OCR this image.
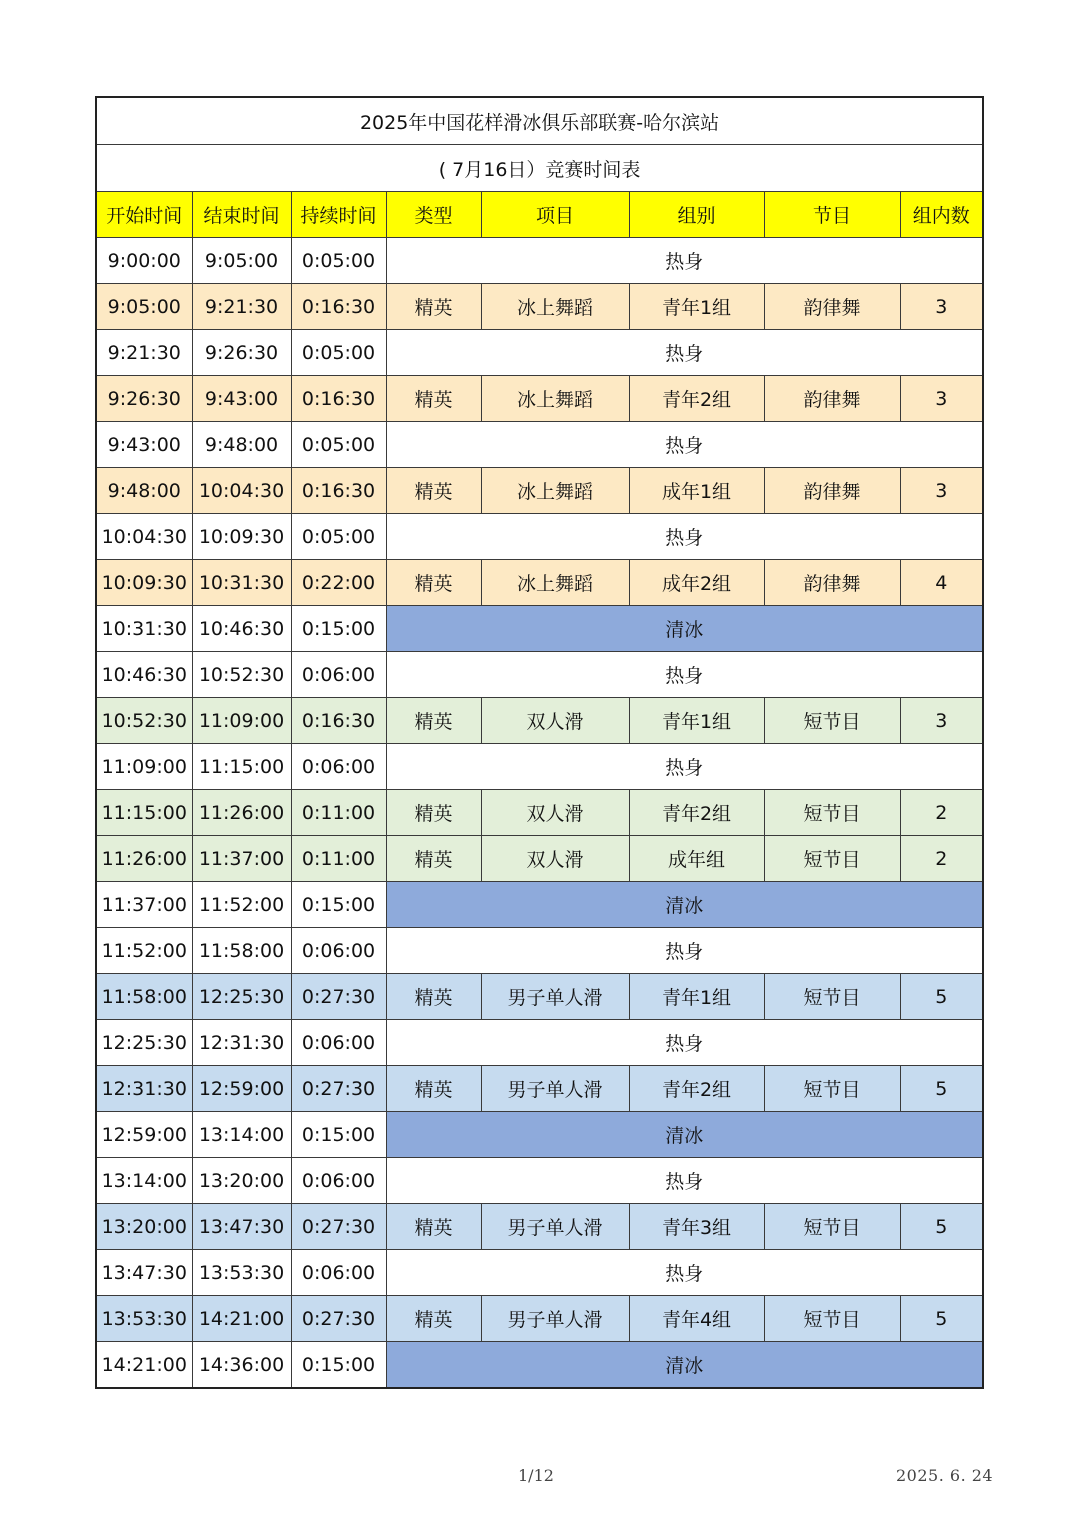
2025年中国花样滑冰俱乐部联赛-哈尔滨站							
( 7月16日）竞赛时间表							
开始时间	结束时间	持续时间	类型	项目	组别	节目	组内数
9:00:00	9:05:00	0:05:00	热身				
9:05:00	9:21:30	0:16:30	精英	冰上舞蹈	青年1组	韵律舞	3
9:21:30	9:26:30	0:05:00	热身				
9:26:30	9:43:00	0:16:30	精英	冰上舞蹈	青年2组	韵律舞	3
9:43:00	9:48:00	0:05:00	热身				
9:48:00	10:04:30	0:16:30	精英	冰上舞蹈	成年1组	韵律舞	3
10:04:30	10:09:30	0:05:00	热身				
10:09:30	10:31:30	0:22:00	精英	冰上舞蹈	成年2组	韵律舞	4
10:31:30	10:46:30	0:15:00	清冰				
10:46:30	10:52:30	0:06:00	热身				
10:52:30	11:09:00	0:16:30	精英	双人滑	青年1组	短节目	3
11:09:00	11:15:00	0:06:00	热身				
11:15:00	11:26:00	0:11:00	精英	双人滑	青年2组	短节目	2
11:26:00	11:37:00	0:11:00	精英	双人滑	成年组	短节目	2
11:37:00	11:52:00	0:15:00	清冰				
11:52:00	11:58:00	0:06:00	热身				
11:58:00	12:25:30	0:27:30	精英	男子单人滑	青年1组	短节目	5
12:25:30	12:31:30	0:06:00	热身				
12:31:30	12:59:00	0:27:30	精英	男子单人滑	青年2组	短节目	5
12:59:00	13:14:00	0:15:00	清冰				
13:14:00	13:20:00	0:06:00	热身				
13:20:00	13:47:30	0:27:30	精英	男子单人滑	青年3组	短节目	5
13:47:30	13:53:30	0:06:00	热身				
13:53:30	14:21:00	0:27:30	精英	男子单人滑	青年4组	短节目	5
14:21:00	14:36:00	0:15:00	清冰				
1/12	2025. 6. 24
